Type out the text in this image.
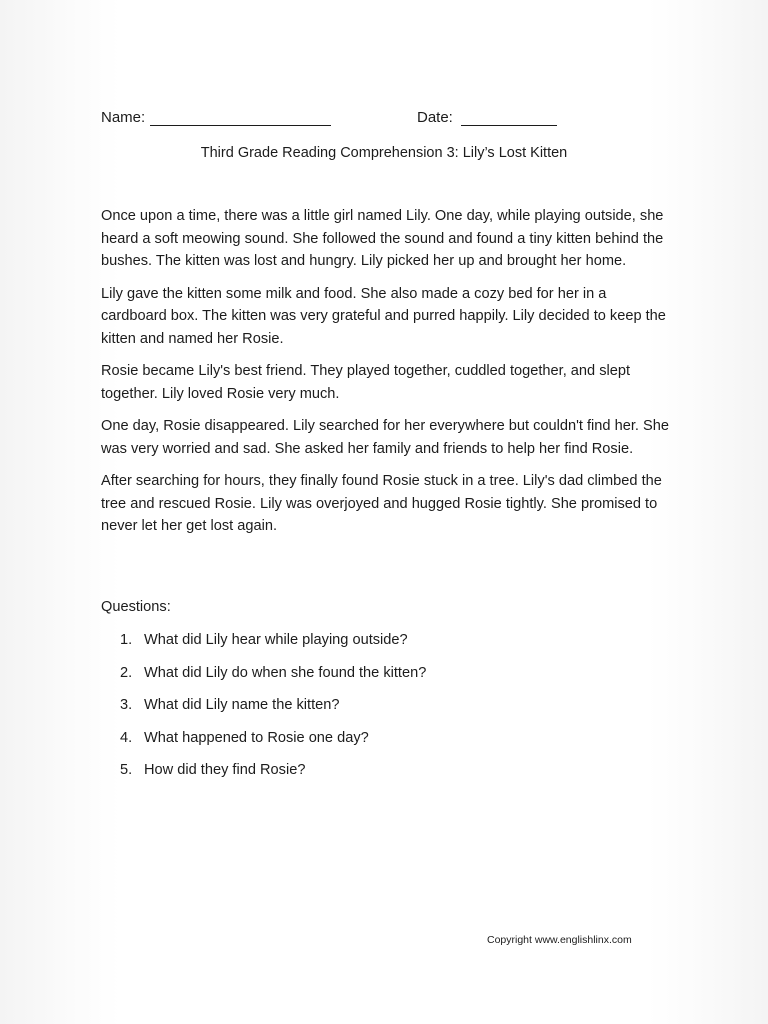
Name:	Date:
Third Grade Reading Comprehension 3: Lily’s Lost Kitten

Once upon a time, there was a little girl named Lily. One day, while playing outside, she heard a soft meowing sound. She followed the sound and found a tiny kitten behind the bushes. The kitten was lost and hungry. Lily picked her up and brought her home.

Lily gave the kitten some milk and food. She also made a cozy bed for her in a cardboard box. The kitten was very grateful and purred happily. Lily decided to keep the kitten and named her Rosie.

Rosie became Lily's best friend. They played together, cuddled together, and slept together. Lily loved Rosie very much.

One day, Rosie disappeared. Lily searched for her everywhere but couldn't find her. She was very worried and sad. She asked her family and friends to help her find Rosie.

After searching for hours, they finally found Rosie stuck in a tree. Lily's dad climbed the tree and rescued Rosie. Lily was overjoyed and hugged Rosie tightly. She promised to never let her get lost again.

Questions:
1. What did Lily hear while playing outside?
2. What did Lily do when she found the kitten?
3. What did Lily name the kitten?
4. What happened to Rosie one day?
5. How did they find Rosie?
Copyright www.englishlinx.com
